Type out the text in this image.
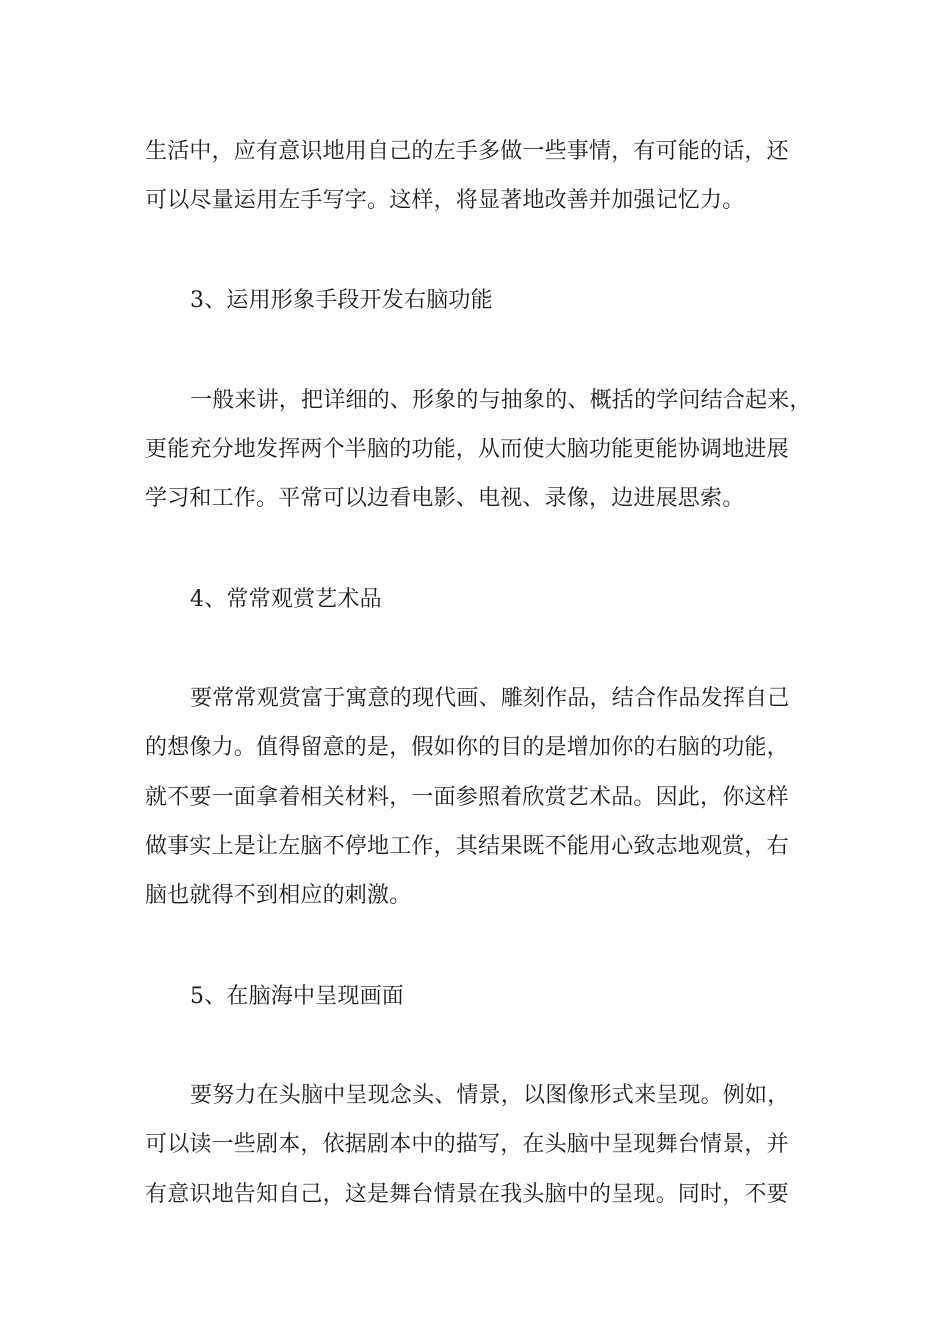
生活中，应有意识地用自己的左手多做一些事情，有可能的话，还
可以尽量运用左手写字。这样，将显著地改善并加强记忆力。
3、运用形象手段开发右脑功能
一般来讲，把详细的、形象的与抽象的、概括的学问结合起来，
更能充分地发挥两个半脑的功能，从而使大脑功能更能协调地进展
学习和工作。平常可以边看电影、电视、录像，边进展思索。
4、常常观赏艺术品
要常常观赏富于寓意的现代画、雕刻作品，结合作品发挥自己
的想像力。值得留意的是，假如你的目的是增加你的右脑的功能，
就不要一面拿着相关材料，一面参照着欣赏艺术品。因此，你这样
做事实上是让左脑不停地工作，其结果既不能用心致志地观赏，右
脑也就得不到相应的刺激。
5、在脑海中呈现画面
要努力在头脑中呈现念头、情景，以图像形式来呈现。例如，
可以读一些剧本，依据剧本中的描写，在头脑中呈现舞台情景，并
有意识地告知自己，这是舞台情景在我头脑中的呈现。同时，不要
